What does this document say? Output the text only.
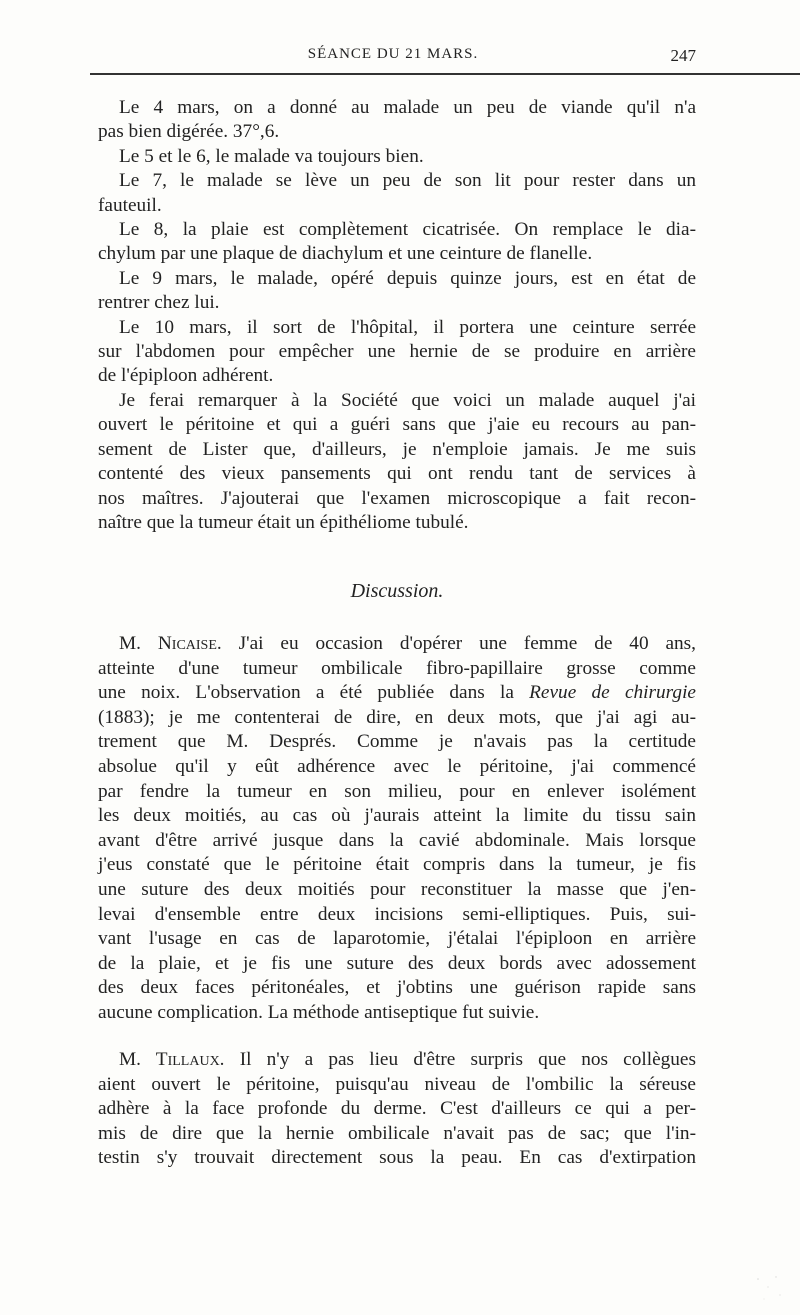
SÉANCE DU 21 MARS.	247

Le 4 mars, on a donné au malade un peu de viande qu'il n'a

pas bien digérée. 37°,6.

Le 5 et le 6, le malade va toujours bien.

Le 7, le malade se lève un peu de son lit pour rester dans un

fauteuil.

Le 8, la plaie est complètement cicatrisée. On remplace le dia-

chylum par une plaque de diachylum et une ceinture de flanelle.

Le 9 mars, le malade, opéré depuis quinze jours, est en état de

rentrer chez lui.

Le 10 mars, il sort de l'hôpital, il portera une ceinture serrée

sur l'abdomen pour empêcher une hernie de se produire en arrière

de l'épiploon adhérent.

Je ferai remarquer à la Société que voici un malade auquel j'ai

ouvert le péritoine et qui a guéri sans que j'aie eu recours au pan-

sement de Lister que, d'ailleurs, je n'emploie jamais. Je me suis

contenté des vieux pansements qui ont rendu tant de services à

nos maîtres. J'ajouterai que l'examen microscopique a fait recon-

naître que la tumeur était un épithéliome tubulé.

Discussion.

M. Nicaise. J'ai eu occasion d'opérer une femme de 40 ans,

atteinte d'une tumeur ombilicale fibro-papillaire grosse comme

une noix. L'observation a été publiée dans la Revue de chirurgie

(1883); je me contenterai de dire, en deux mots, que j'ai agi au-

trement que M. Després. Comme je n'avais pas la certitude

absolue qu'il y eût adhérence avec le péritoine, j'ai commencé

par fendre la tumeur en son milieu, pour en enlever isolément

les deux moitiés, au cas où j'aurais atteint la limite du tissu sain

avant d'être arrivé jusque dans la cavié abdominale. Mais lorsque

j'eus constaté que le péritoine était compris dans la tumeur, je fis

une suture des deux moitiés pour reconstituer la masse que j'en-

levai d'ensemble entre deux incisions semi-elliptiques. Puis, sui-

vant l'usage en cas de laparotomie, j'étalai l'épiploon en arrière

de la plaie, et je fis une suture des deux bords avec adossement

des deux faces péritonéales, et j'obtins une guérison rapide sans

aucune complication. La méthode antiseptique fut suivie.

M. Tillaux. Il n'y a pas lieu d'être surpris que nos collègues

aient ouvert le péritoine, puisqu'au niveau de l'ombilic la séreuse

adhère à la face profonde du derme. C'est d'ailleurs ce qui a per-

mis de dire que la hernie ombilicale n'avait pas de sac; que l'in-

testin s'y trouvait directement sous la peau. En cas d'extirpation
